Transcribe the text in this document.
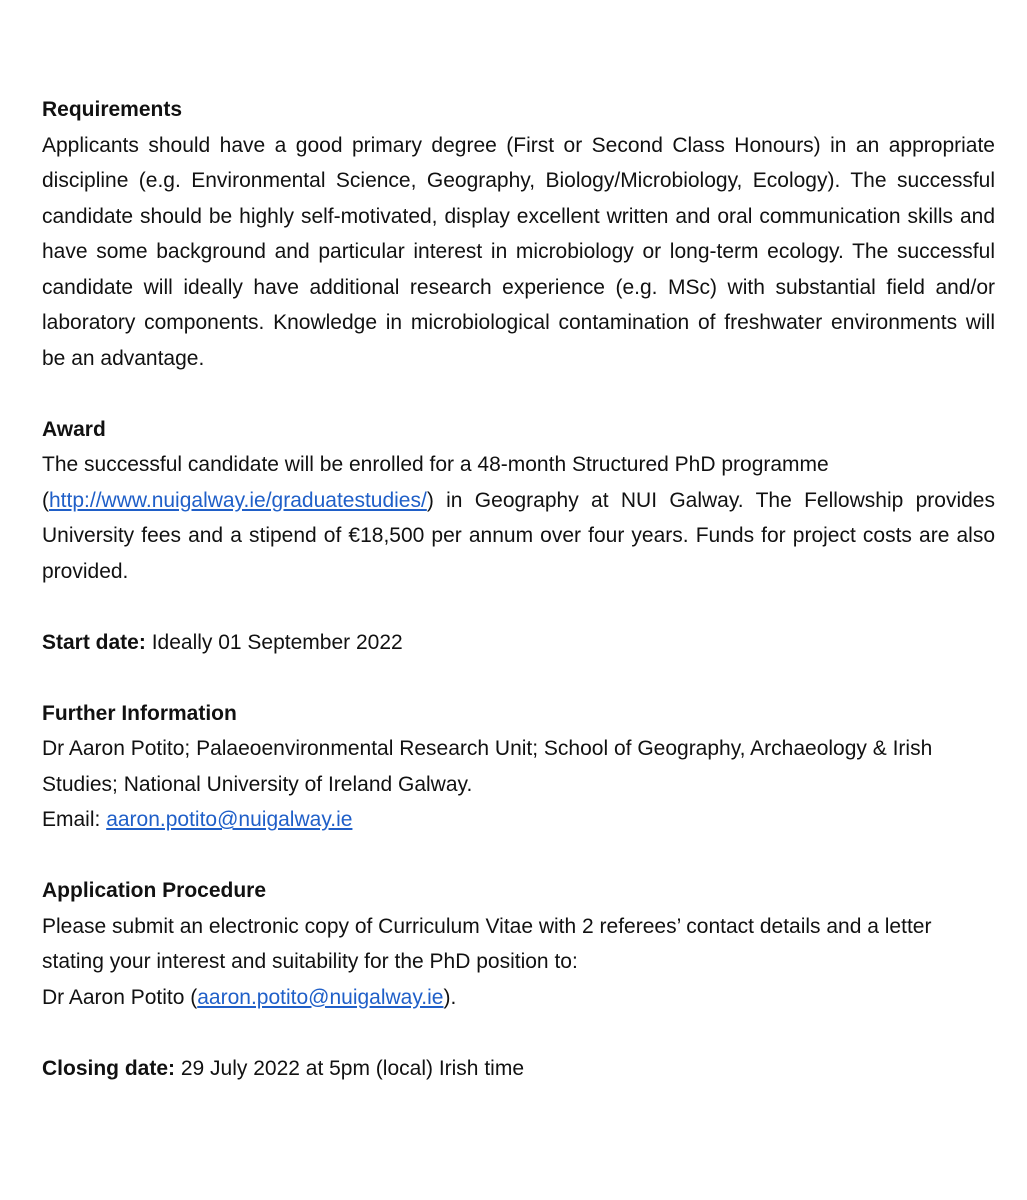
Requirements
Applicants should have a good primary degree (First or Second Class Honours) in an appropriate discipline (e.g. Environmental Science, Geography, Biology/Microbiology, Ecology). The successful candidate should be highly self-motivated, display excellent written and oral communication skills and have some background and particular interest in microbiology or long-term ecology. The successful candidate will ideally have additional research experience (e.g. MSc) with substantial field and/or laboratory components. Knowledge in microbiological contamination of freshwater environments will be an advantage.
Award
The successful candidate will be enrolled for a 48-month Structured PhD programme
(http://www.nuigalway.ie/graduatestudies/) in Geography at NUI Galway. The Fellowship provides University fees and a stipend of €18,500 per annum over four years. Funds for project costs are also provided.
Start date: Ideally 01 September 2022
Further Information
Dr Aaron Potito; Palaeoenvironmental Research Unit; School of Geography, Archaeology & Irish Studies; National University of Ireland Galway.
Email: aaron.potito@nuigalway.ie
Application Procedure
Please submit an electronic copy of Curriculum Vitae with 2 referees’ contact details and a letter stating your interest and suitability for the PhD position to:
Dr Aaron Potito (aaron.potito@nuigalway.ie).
Closing date: 29 July 2022 at 5pm (local) Irish time
